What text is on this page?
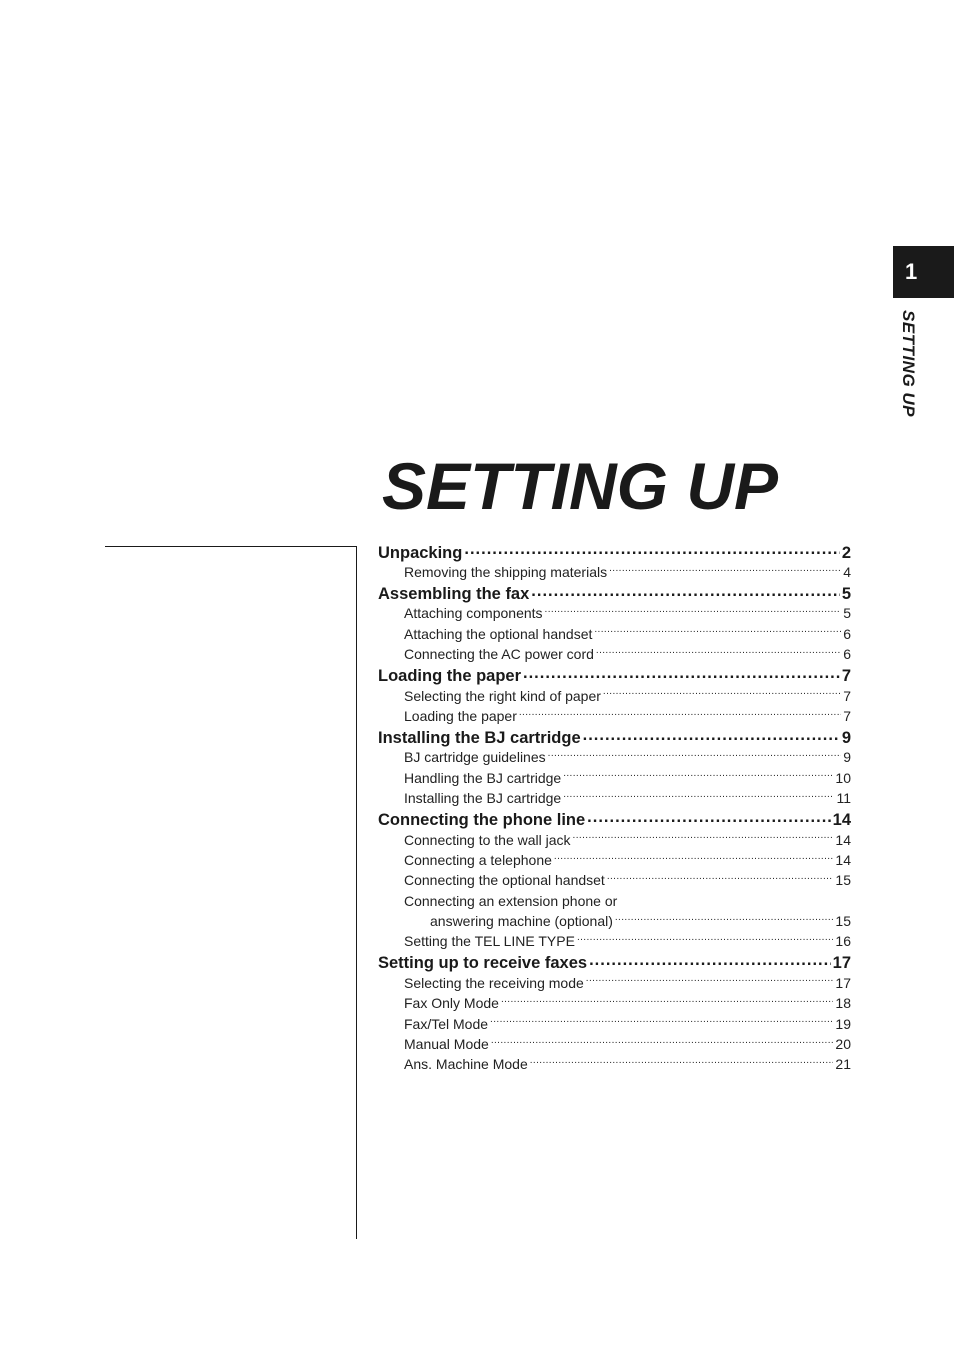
1
SETTING UP
SETTING UP
Unpacking .....	2
Removing the shipping materials .....	4
Assembling the fax .....	5
Attaching components .....	5
Attaching the optional handset .....	6
Connecting the AC power cord .....	6
Loading the paper .....	7
Selecting the right kind of paper .....	7
Loading the paper .....	7
Installing the BJ cartridge .....	9
BJ cartridge guidelines .....	9
Handling the BJ cartridge .....	10
Installing the BJ cartridge .....	11
Connecting the phone line .....	14
Connecting to the wall jack .....	14
Connecting a telephone .....	14
Connecting the optional handset .....	15
Connecting an extension phone or
answering machine (optional) .....	15
Setting the TEL LINE TYPE .....	16
Setting up to receive faxes .....	17
Selecting the receiving mode .....	17
Fax Only Mode .....	18
Fax/Tel Mode .....	19
Manual Mode .....	20
Ans. Machine Mode .....	21
